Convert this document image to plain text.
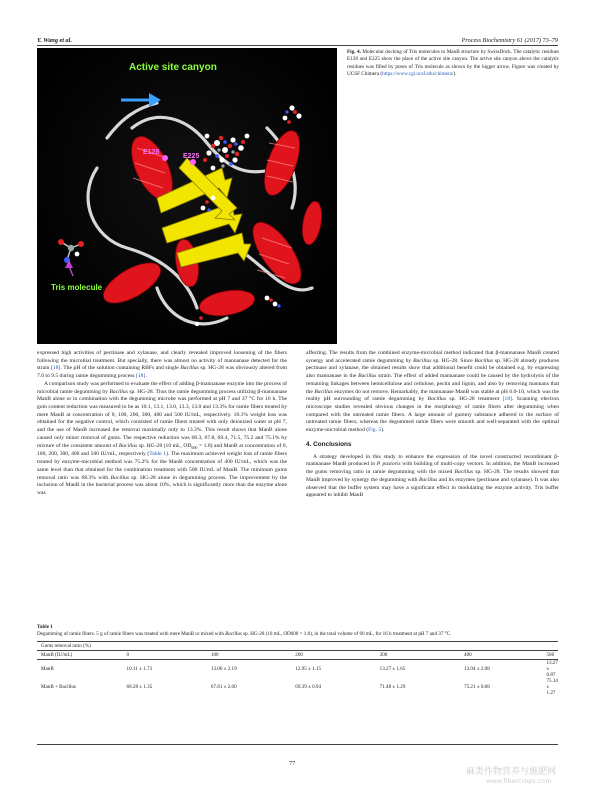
Y. Wang et al.	Process Biochemistry 61 (2017) 73–79
Active site canyon
Tris molecule
E128
E225
Fig. 4. Molecular docking of Tris molecules to ManB structure by SwissDock. The catalytic residues E128 and E225 show the place of the active site canyon. The active site canyon above the catalytic residues was filled by poses of Tris molecule as shown by the bigger arrow. Figure was created by UCSF Chimera (https://www.cgl.ucsf.edu/chimera/).

expressed high activities of pectinase and xylanase, and clearly revealed improved loosening of the fibers following the microbial treatment. But specially, there was almost no activity of mannanase detected for the strain [18]. The pH of the solution containing RBFs and single Bacillus sp. HG-28 was obviously altered from 7.0 to 9.5 during ramie degumming process [18].

A comparison study was performed to evaluate the effect of adding β-mannanase enzyme into the process of microbial ramie degumming by Bacillus sp. HG-28. Thus the ramie degumming process utilizing β-mannanase ManB alone or in combination with the degumming microbe was performed at pH 7 and 37 °C for 16 h. The gum content reduction was measured to be as 10.1, 13.1, 13.0, 13.3, 13.0 and 13.3% for ramie fibers treated by mere ManB at concentration of 0, 100, 200, 300, 400 and 500 IU/mL, respectively. 10.1% weight loss was obtained for the negative control, which consisted of ramie fibers treated with only deionized water at pH 7, and the use of ManB increased the removal maximally only to 13.3%. This result shows that ManB alone caused only minor removal of gums. The respective reduction was 68.3, 67.8, 69.4, 71.5, 75.2 and 75.1% by mixture of the consistent amount of Bacillus sp. HG-28 (10 mL, $OD_{600} = 1.8$) and ManB at concentration of 0, 100, 200, 300, 400 and 500 IU/mL, respectively (Table 1). The maximum achieved weight loss of ramie fibers treated by enzyme-microbial method was 75.2% for the ManB concentration of 400 IU/mL, which was the same level than that obtained for the combination treatment with 500 IU/mL of ManB. The minimum gums removal ratio was 68.3% with Bacillus sp. HG-28 alone in degumming process. The improvement by the inclusion of ManB in the bacterial process was about 10%, which is significantly more than the enzyme alone was

affecting. The results from the combined enzyme-microbial method indicated that β-mannanase ManB created synergy and accelerated ramie degumming by Bacillus sp. HG-28. Since Bacillus sp. HG-28 already produces pectinase and xylanase, the obtained results show that additional benefit could be obtained e.g. by expressing also mannanase in the Bacillus strain. The effect of added mannanase could be caused by the hydrolysis of the remaining linkages between hemicellulose and cellulose, pectin and lignin, and also by removing mannans that the Bacillus enzymes do not remove. Remarkably, the mannanase ManB was stable at pH 6.0-10, which was the reality pH surrounding of ramie degumming by Bacillus sp. HG-28 treatment [18]. Scanning electron microscope studies revealed obvious changes in the morphology of ramie fibers after degumming when compared with the untreated ramie fibers. A large amount of gummy substance adhered to the surface of untreated ramie fibers, whereas the degummed ramie fibers were smooth and well-separated with the optimal enzyme-microbial method (Fig. 5).

4. Conclusions

A strategy developed in this study to enhance the expression of the novel constructed recombinant β-mannanase ManB produced in P. pastoris with building of multi-copy vectors. In addition, the ManB increased the gums removing ratio in ramie degumming with the mixed Bacillus sp. HG-28. The results showed that ManB improved by synergy the degumming with Bacillus and its enzymes (pectinase and xylanase). It was also observed that the buffer system may have a significant effect in modulating the enzyme activity. Tris buffer appeared to inhibit ManB

Table 1
Degumming of ramie fibers. 5 g of ramie fibers was treated with mere ManB or mixed with Bacillus sp. HG-28 (10 mL, OD600 = 1.8), in the total volume of 60 mL, for 16 h treatment at pH 7 and 37 °C.
Gums removal ratio (%)						
ManB (IU/mL)	0	100	200	300	400	500
ManB	10.11 ± 1.73	13.06 ± 2.19	12.95 ± 1.15	13.27 ± 1.65	13.04 ± 2.08	13.27 ± 0.87
ManB + Bacillus	68.28 ± 1.35	67.81 ± 2.00	69.39 ± 0.94	71.48 ± 1.29	75.21 ± 0.68	75.14 ± 1.27
77
麻类作物营养与施肥网
www.fibercrops.com
